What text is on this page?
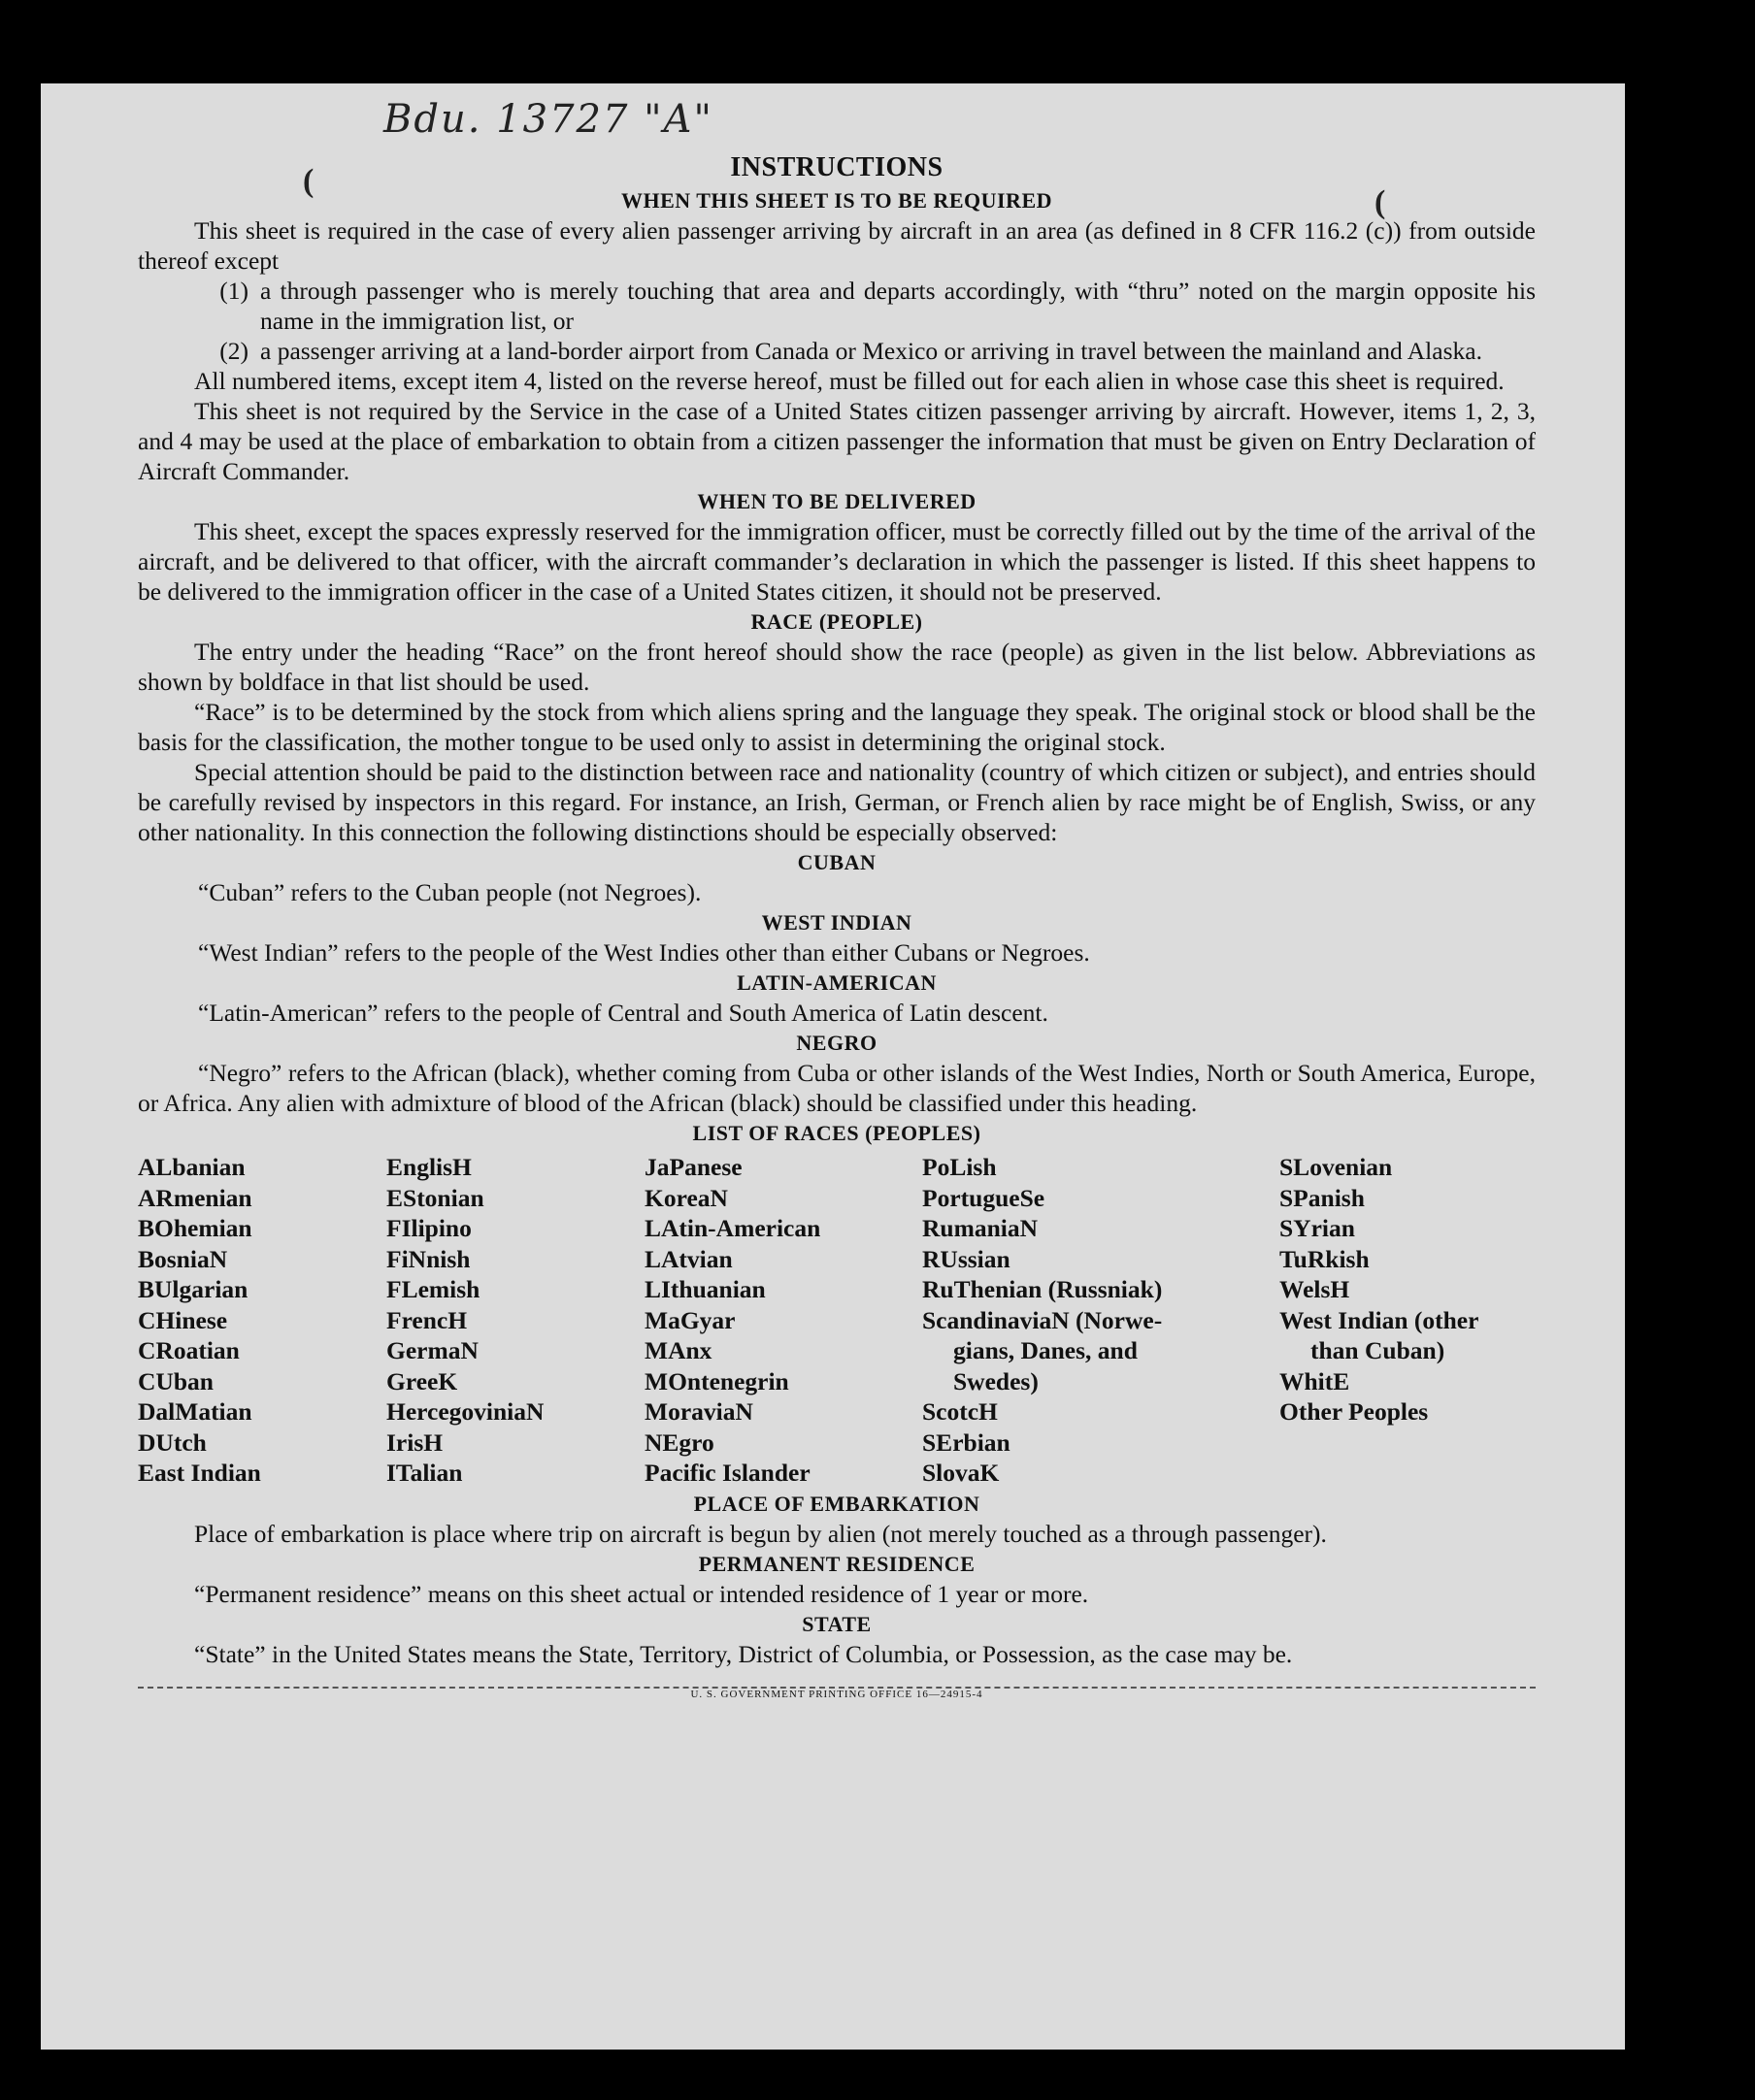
Bdu. 13727 "A"
(
(
INSTRUCTIONS
WHEN THIS SHEET IS TO BE REQUIRED

This sheet is required in the case of every alien passenger arriving by aircraft in an area (as defined in 8 CFR 116.2 (c)) from outside thereof except

(1) a through passenger who is merely touching that area and departs accordingly, with “thru” noted on the margin opposite his name in the immigration list, or
(2) a passenger arriving at a land-border airport from Canada or Mexico or arriving in travel between the mainland and Alaska.

All numbered items, except item 4, listed on the reverse hereof, must be filled out for each alien in whose case this sheet is required.

This sheet is not required by the Service in the case of a United States citizen passenger arriving by aircraft. However, items 1, 2, 3, and 4 may be used at the place of embarkation to obtain from a citizen passenger the information that must be given on Entry Declaration of Aircraft Commander.

WHEN TO BE DELIVERED

This sheet, except the spaces expressly reserved for the immigration officer, must be correctly filled out by the time of the arrival of the aircraft, and be delivered to that officer, with the aircraft commander’s declaration in which the passenger is listed. If this sheet happens to be delivered to the immigration officer in the case of a United States citizen, it should not be preserved.

RACE (PEOPLE)

The entry under the heading “Race” on the front hereof should show the race (people) as given in the list below. Abbreviations as shown by boldface in that list should be used.

“Race” is to be determined by the stock from which aliens spring and the language they speak. The original stock or blood shall be the basis for the classification, the mother tongue to be used only to assist in determining the original stock.

Special attention should be paid to the distinction between race and nationality (country of which citizen or subject), and entries should be carefully revised by inspectors in this regard. For instance, an Irish, German, or French alien by race might be of English, Swiss, or any other nationality. In this connection the following distinctions should be especially observed:

CUBAN

“Cuban” refers to the Cuban people (not Negroes).

WEST INDIAN

“West Indian” refers to the people of the West Indies other than either Cubans or Negroes.

LATIN-AMERICAN

“Latin-American” refers to the people of Central and South America of Latin descent.

NEGRO

“Negro” refers to the African (black), whether coming from Cuba or other islands of the West Indies, North or South America, Europe, or Africa. Any alien with admixture of blood of the African (black) should be classified under this heading.

LIST OF RACES (PEOPLES)
ALbanian
ARmenian
BOhemian
BosniaN
BUlgarian
CHinese
CRoatian
CUban
DalMatian
DUtch
East Indian
EnglisH
EStonian
FIlipino
FiNnish
FLemish
FrencH
GermaN
GreeK
HercegoviniaN
IrisH
ITalian
JaPanese
KoreaN
LAtin-American
LAtvian
LIthuanian
MaGyar
MAnx
MOntenegrin
MoraviaN
NEgro
Pacific Islander
PoLish
PortugueSe
RumaniaN
RUssian
RuThenian (Russniak)
ScandinaviaN (Norwe-
gians, Danes, and
Swedes)
ScotcH
SErbian
SlovaK
SLovenian
SPanish
SYrian
TuRkish
WelsH
West Indian (other
than Cuban)
WhitE
Other Peoples
PLACE OF EMBARKATION

Place of embarkation is place where trip on aircraft is begun by alien (not merely touched as a through passenger).

PERMANENT RESIDENCE

“Permanent residence” means on this sheet actual or intended residence of 1 year or more.

STATE

“State” in the United States means the State, Territory, District of Columbia, or Possession, as the case may be.

U. S. GOVERNMENT PRINTING OFFICE 16—24915-4
